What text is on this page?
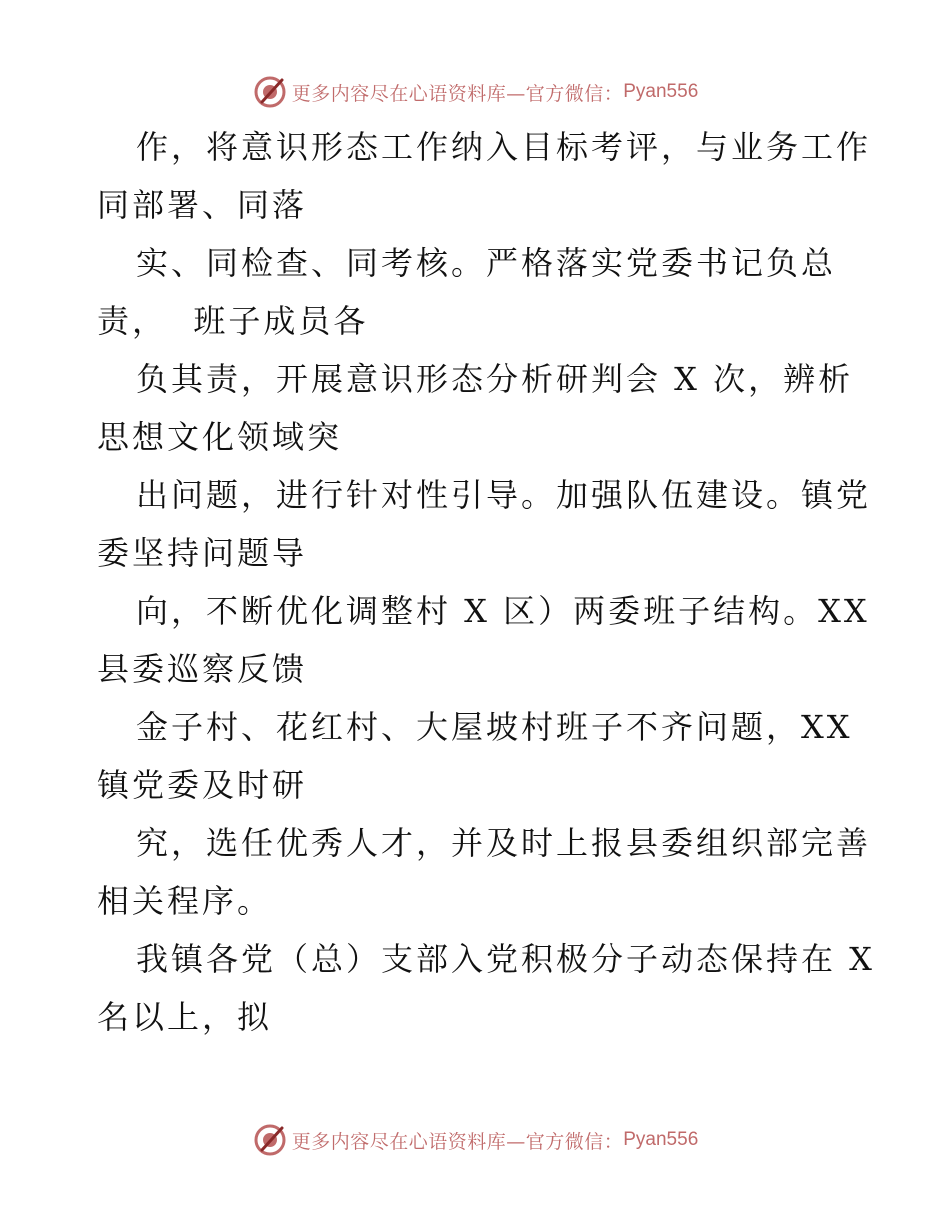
更多内容尽在心语资料库—官方微信： Pyan556

作，将意识形态工作纳入目标考评，与业务工作
同部署、同落

实、同检查、同考核。严格落实党委书记负总
责，  班子成员各

负其责，开展意识形态分析研判会 X 次，辨析
思想文化领域突

出问题，进行针对性引导。加强队伍建设。镇党
委坚持问题导

向，不断优化调整村 X 区）两委班子结构。XX
县委巡察反馈

金子村、花红村、大屋坡村班子不齐问题，XX
镇党委及时研

究，选任优秀人才，并及时上报县委组织部完善
相关程序。

我镇各党（总）支部入党积极分子动态保持在 X
名以上，拟

更多内容尽在心语资料库—官方微信： Pyan556
